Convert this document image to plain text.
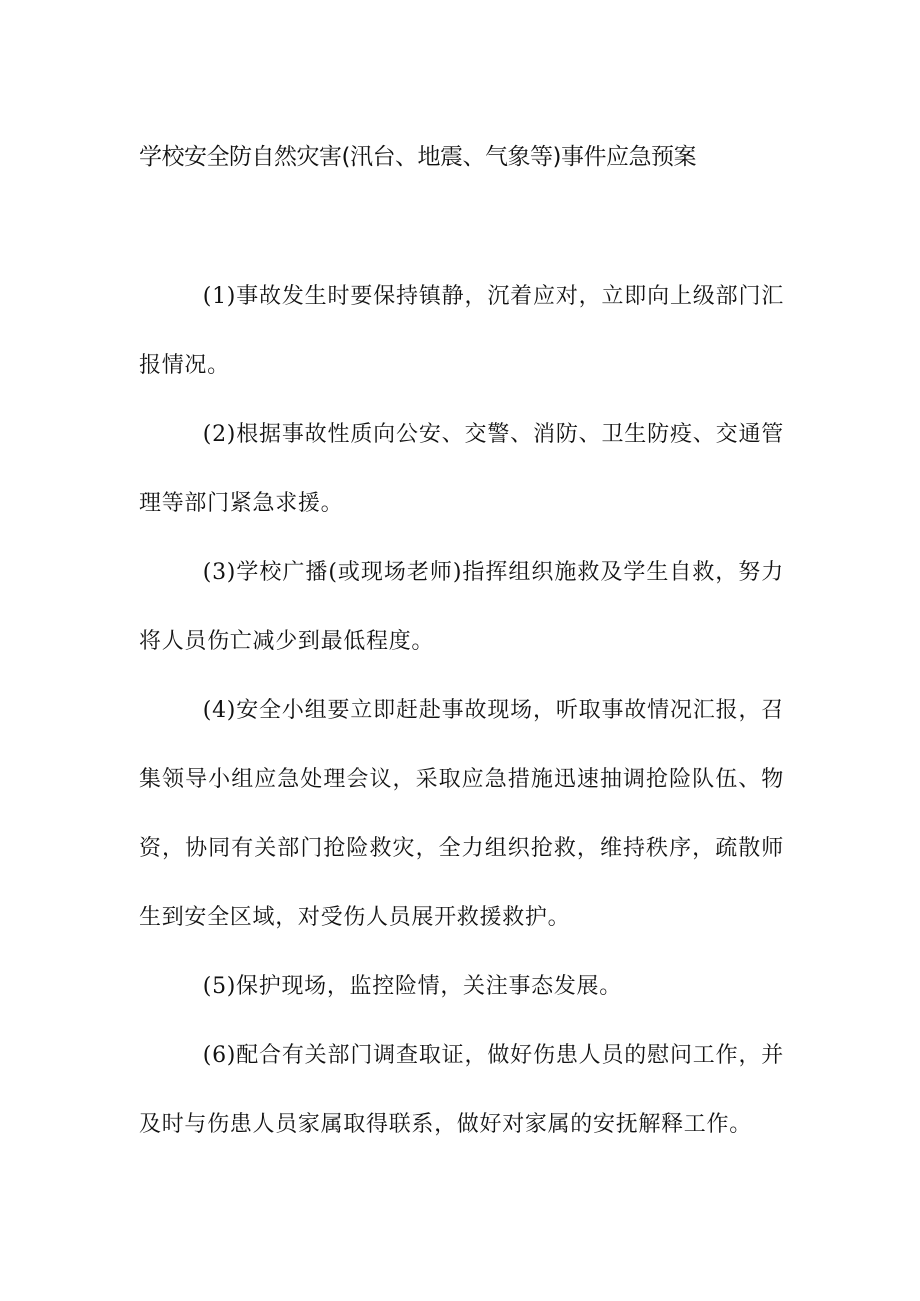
学校安全防自然灾害(汛台、地震、气象等)事件应急预案

(1)事故发生时要保持镇静，沉着应对，立即向上级部门汇报情况。

(2)根据事故性质向公安、交警、消防、卫生防疫、交通管理等部门紧急求援。

(3)学校广播(或现场老师)指挥组织施救及学生自救，努力将人员伤亡减少到最低程度。

(4)安全小组要立即赶赴事故现场，听取事故情况汇报，召集领导小组应急处理会议，采取应急措施迅速抽调抢险队伍、物资，协同有关部门抢险救灾，全力组织抢救，维持秩序，疏散师生到安全区域，对受伤人员展开救援救护。

(5)保护现场，监控险情，关注事态发展。

(6)配合有关部门调查取证，做好伤患人员的慰问工作，并及时与伤患人员家属取得联系，做好对家属的安抚解释工作。
